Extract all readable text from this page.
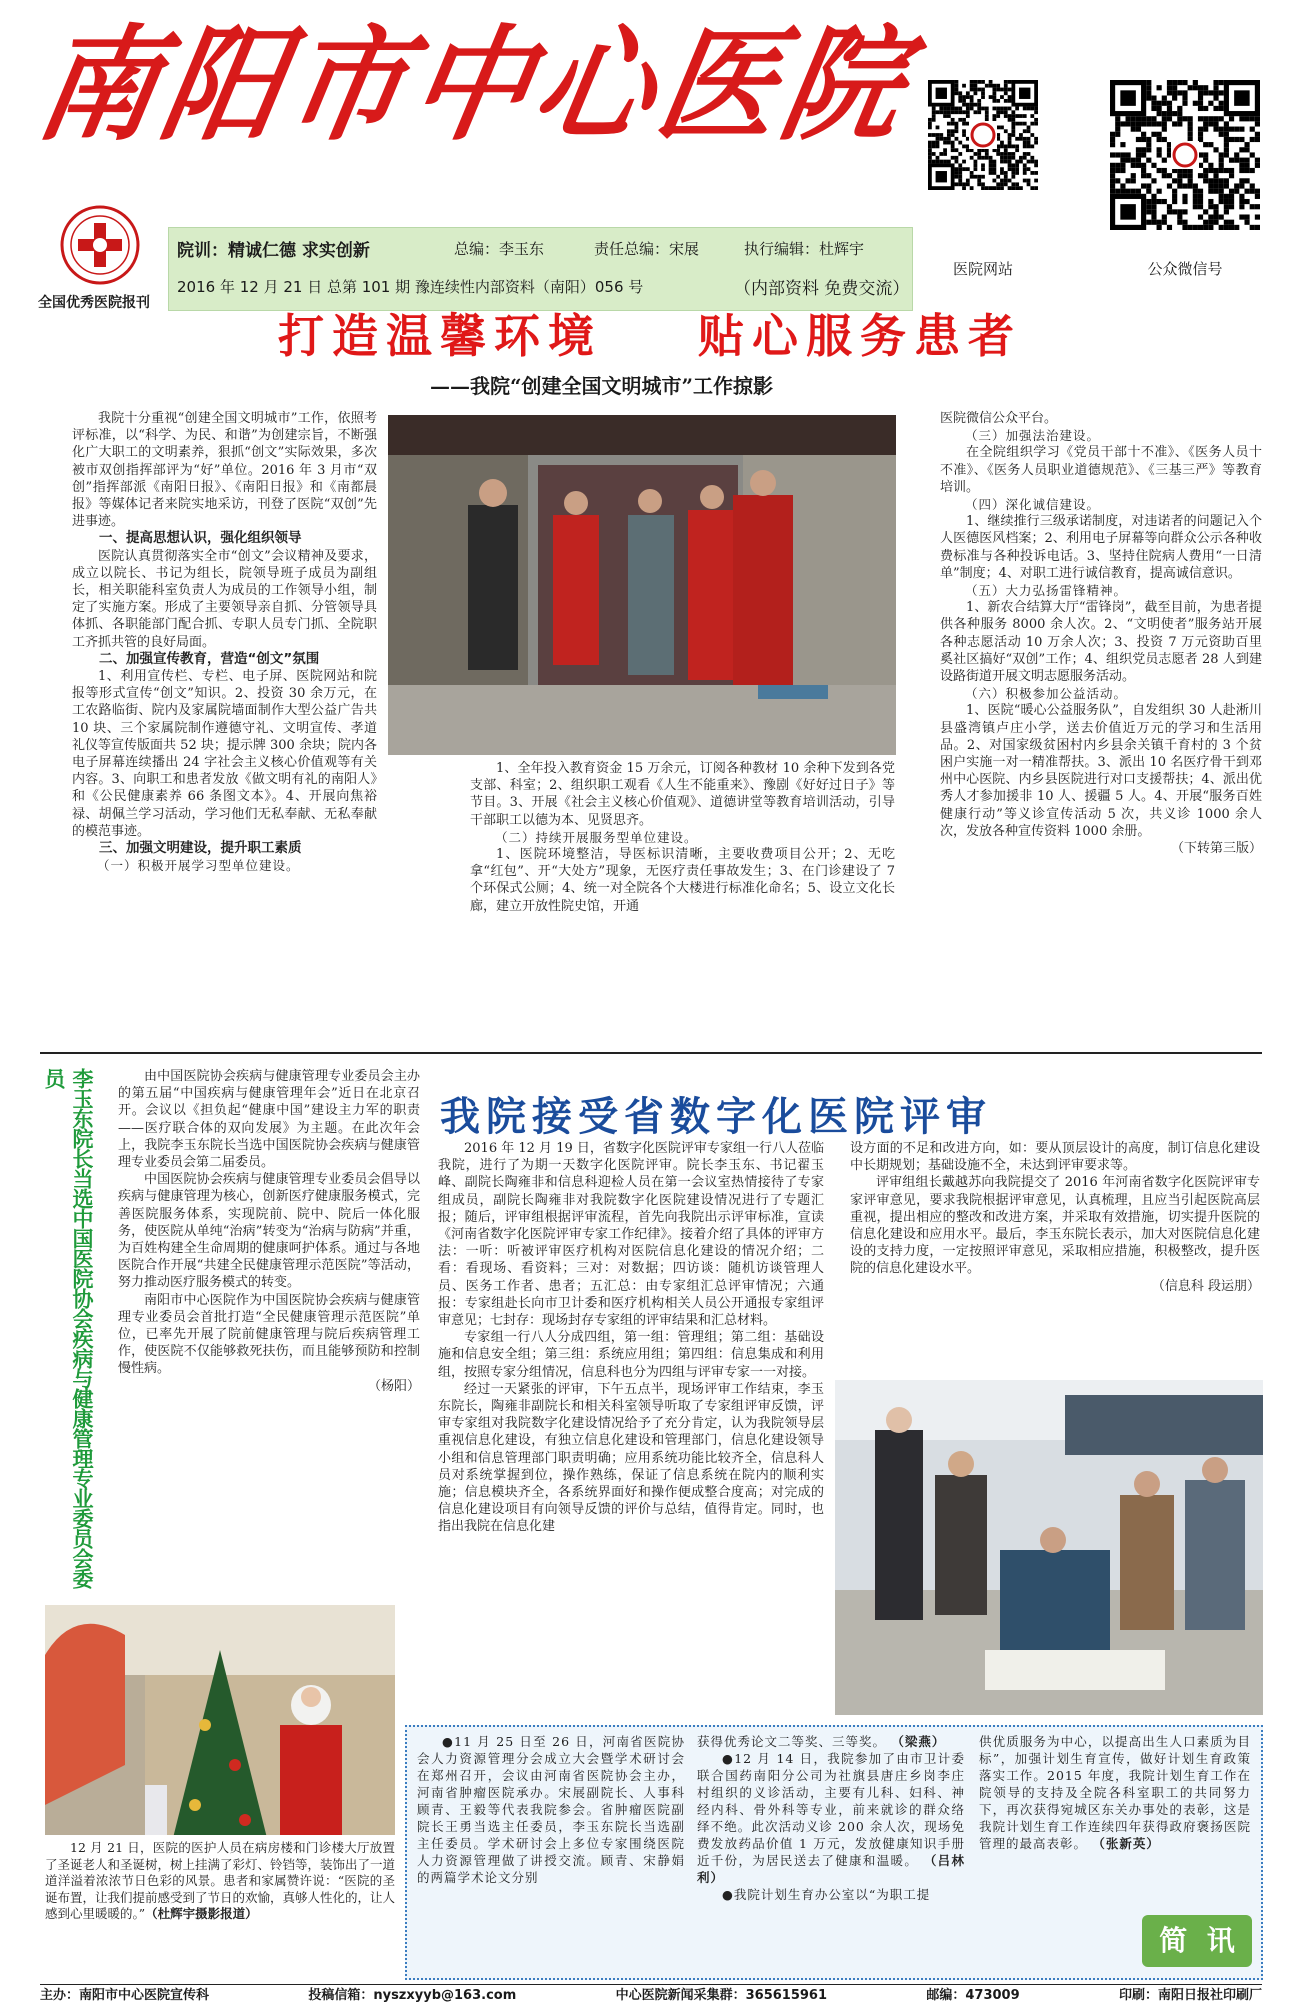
南阳市中心医院
医院网站	公众微信号
全国优秀医院报刊
院训：精诚仁德 求实创新	总编：李玉东	责任总编：宋展	执行编辑：杜辉宇
2016 年 12 月 21 日 总第 101 期 豫连续性内部资料（南阳）056 号	（内部资料 免费交流）
打造温馨环境    贴心服务患者
——我院“创建全国文明城市”工作掠影

我院十分重视“创建全国文明城市”工作，依照考评标准，以“科学、为民、和谐”为创建宗旨，不断强化广大职工的文明素养，狠抓“创文”实际效果，多次被市双创指挥部评为“好”单位。2016 年 3 月市“双创”指挥部派《南阳日报》、《南阳日报》和《南都晨报》等媒体记者来院实地采访，刊登了医院“双创”先进事迹。

一、提高思想认识，强化组织领导

医院认真贯彻落实全市“创文”会议精神及要求，成立以院长、书记为组长，院领导班子成员为副组长，相关职能科室负责人为成员的工作领导小组，制定了实施方案。形成了主要领导亲自抓、分管领导具体抓、各职能部门配合抓、专职人员专门抓、全院职工齐抓共管的良好局面。

二、加强宣传教育，营造“创文”氛围

1、利用宣传栏、专栏、电子屏、医院网站和院报等形式宣传“创文”知识。2、投资 30 余万元，在工农路临街、院内及家属院墙面制作大型公益广告共 10 块、三个家属院制作遵德守礼、文明宣传、孝道礼仪等宣传版面共 52 块；提示牌 300 余块；院内各电子屏幕连续播出 24 字社会主义核心价值观等有关内容。3、向职工和患者发放《做文明有礼的南阳人》和《公民健康素养 66 条图文本》。4、开展向焦裕禄、胡佩兰学习活动，学习他们无私奉献、无私奉献的模范事迹。

三、加强文明建设，提升职工素质

（一）积极开展学习型单位建设。

1、全年投入教育资金 15 万余元，订阅各种教材 10 余种下发到各党支部、科室；2、组织职工观看《人生不能重来》、豫剧《好好过日子》等节目。3、开展《社会主义核心价值观》、道德讲堂等教育培训活动，引导干部职工以德为本、见贤思齐。

（二）持续开展服务型单位建设。

1、医院环境整洁，导医标识清晰，主要收费项目公开；2、无吃拿“红包”、开“大处方”现象，无医疗责任事故发生；3、在门诊建设了 7 个环保式公厕；4、统一对全院各个大楼进行标准化命名；5、设立文化长廊，建立开放性院史馆，开通

医院微信公众平台。

（三）加强法治建设。

在全院组织学习《党员干部十不准》、《医务人员十不准》、《医务人员职业道德规范》、《三基三严》等教育培训。

（四）深化诚信建设。

1、继续推行三级承诺制度，对违诺者的问题记入个人医德医风档案；2、利用电子屏幕等向群众公示各种收费标准与各种投诉电话。3、坚持住院病人费用“一日清单”制度；4、对职工进行诚信教育，提高诚信意识。

（五）大力弘扬雷锋精神。

1、新农合结算大厅“雷锋岗”，截至目前，为患者提供各种服务 8000 余人次。2、“文明使者”服务站开展各种志愿活动 10 万余人次；3、投资 7 万元资助百里奚社区搞好“双创”工作；4、组织党员志愿者 28 人到建设路街道开展文明志愿服务活动。

（六）积极参加公益活动。

1、医院“暖心公益服务队”，自发组织 30 人赴淅川县盛湾镇卢庄小学，送去价值近万元的学习和生活用品。2、对国家级贫困村内乡县余关镇千育村的 3 个贫困户实施一对一精准帮扶。3、派出 10 名医疗骨干到邓州中心医院、内乡县医院进行对口支援帮扶；4、派出优秀人才参加援非 10 人、援疆 5 人。4、开展“服务百姓健康行动”等义诊宣传活动 5 次，共义诊 1000 余人次，发放各种宣传资料 1000 余册。

（下转第三版）

李玉东院长当选中国医院协会疾病与健康管理专业委员会委员	由中国医院协会疾病与健康管理专业委员会主办的第五届“中国疾病与健康管理年会”近日在北京召开。会议以《担负起“健康中国”建设主力军的职责——医疗联合体的双向发展》为主题。在此次年会上，我院李玉东院长当选中国医院协会疾病与健康管理专业委员会第二届委员。

中国医院协会疾病与健康管理专业委员会倡导以疾病与健康管理为核心，创新医疗健康服务模式，完善医院服务体系，实现院前、院中、院后一体化服务，使医院从单纯“治病”转变为“治病与防病”并重，为百姓构建全生命周期的健康呵护体系。通过与各地医院合作开展“共建全民健康管理示范医院”等活动，努力推动医疗服务模式的转变。

南阳市中心医院作为中国医院协会疾病与健康管理专业委员会首批打造“全民健康管理示范医院”单位，已率先开展了院前健康管理与院后疾病管理工作，使医院不仅能够救死扶伤，而且能够预防和控制慢性病。

（杨阳）

我院接受省数字化医院评审

2016 年 12 月 19 日，省数字化医院评审专家组一行八人莅临我院，进行了为期一天数字化医院评审。院长李玉东、书记翟玉峰、副院长陶雍非和信息科迎检人员在第一会议室热情接待了专家组成员，副院长陶雍非对我院数字化医院建设情况进行了专题汇报；随后，评审组根据评审流程，首先向我院出示评审标准，宣读《河南省数字化医院评审专家工作纪律》。接着介绍了具体的评审方法：一听：听被评审医疗机构对医院信息化建设的情况介绍；二看：看现场、看资料；三对：对数据；四访谈：随机访谈管理人员、医务工作者、患者；五汇总：由专家组汇总评审情况；六通报：专家组赴长向市卫计委和医疗机构相关人员公开通报专家组评审意见；七封存：现场封存专家组的评审结果和汇总材料。

专家组一行八人分成四组，第一组：管理组；第二组：基础设施和信息安全组；第三组：系统应用组；第四组：信息集成和利用组，按照专家分组情况，信息科也分为四组与评审专家一一对接。

经过一天紧张的评审，下午五点半，现场评审工作结束，李玉东院长，陶雍非副院长和相关科室领导听取了专家组评审反馈，评审专家组对我院数字化建设情况给予了充分肯定，认为我院领导层重视信息化建设，有独立信息化建设和管理部门，信息化建设领导小组和信息管理部门职责明确；应用系统功能比较齐全，信息科人员对系统掌握到位，操作熟练，保证了信息系统在院内的顺利实施；信息模块齐全，各系统界面好和操作便成整合度高；对完成的信息化建设项目有向领导反馈的评价与总结，值得肯定。同时，也指出我院在信息化建

设方面的不足和改进方向，如：要从顶层设计的高度，制订信息化建设中长期规划；基础设施不全，未达到评审要求等。

评审组组长戴越苏向我院提交了 2016 年河南省数字化医院评审专家评审意见，要求我院根据评审意见，认真梳理，且应当引起医院高层重视，提出相应的整改和改进方案，并采取有效措施，切实提升医院的信息化建设和应用水平。最后，李玉东院长表示，加大对医院信息化建设的支持力度，一定按照评审意见，采取相应措施，积极整改，提升医院的信息化建设水平。

（信息科 段运朋）

12 月 21 日，医院的医护人员在病房楼和门诊楼大厅放置了圣诞老人和圣诞树，树上挂满了彩灯、铃铛等，装饰出了一道道洋溢着浓浓节日色彩的风景。患者和家属赞许说：“医院的圣诞布置，让我们提前感受到了节日的欢愉，真够人性化的，让人感到心里暖暖的。”（杜辉宇摄影报道）

●11 月 25 日至 26 日，河南省医院协会人力资源管理分会成立大会暨学术研讨会在郑州召开，会议由河南省医院协会主办，河南省肿瘤医院承办。宋展副院长、人事科顾青、王毅等代表我院参会。省肿瘤医院副院长王勇当选主任委员，李玉东院长当选副主任委员。学术研讨会上多位专家围绕医院人力资源管理做了讲授交流。顾青、宋静娟的两篇学术论文分别

获得优秀论文二等奖、三等奖。 （梁燕）

●12 月 14 日，我院参加了由市卫计委联合国药南阳分公司为社旗县唐庄乡岗李庄村组织的义诊活动，主要有儿科、妇科、神经内科、骨外科等专业，前来就诊的群众络绎不绝。此次活动义诊 200 余人次，现场免费发放药品价值 1 万元，发放健康知识手册近千份，为居民送去了健康和温暖。 （吕林利）

●我院计划生育办公室以“为职工提

供优质服务为中心，以提高出生人口素质为目标”，加强计划生育宣传，做好计划生育政策落实工作。2015 年度，我院计划生育工作在院领导的支持及全院各科室职工的共同努力下，再次获得宛城区东关办事处的表彰，这是我院计划生育工作连续四年获得政府褒扬医院管理的最高表彰。 （张新英）

简  讯
主办：南阳市中心医院宣传科	投稿信箱：nyszxyyb@163.com	中心医院新闻采集群：365615961	邮编：473009	印刷：南阳日报社印刷厂
